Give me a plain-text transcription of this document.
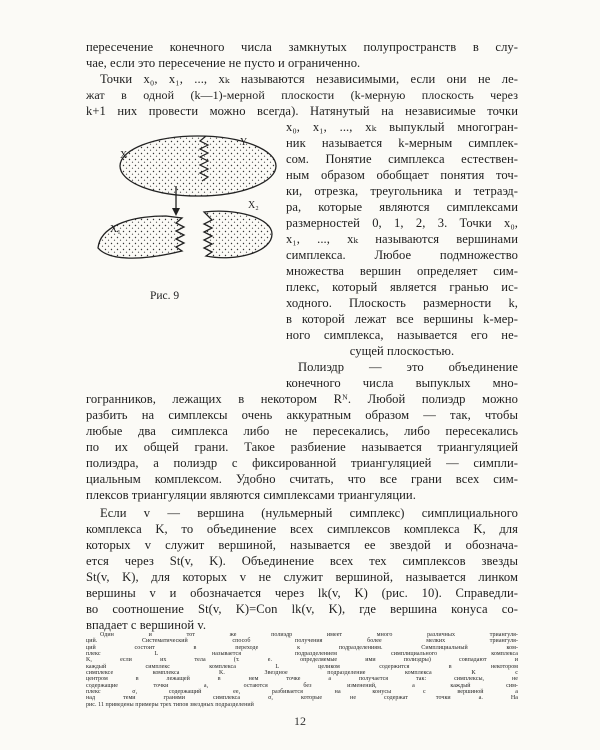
пересечение конечного числа замкнутых полупространств в слу-
чае, если это пересечение не пусто и ограниченно.
Точки x₀, x₁, ..., xₖ называются независимыми, если они не ле-
жат в одной (k—1)-мерной плоскости (k-мерную плоскость через
k+1 них провести можно всегда). Натянутый на независимые точки
X
Y
X₁
X₂
Рис. 9
x₀, x₁, ..., xₖ выпуклый многогран-
ник называется k-мерным симплек-
сом. Понятие симплекса естествен-
ным образом обобщает понятия точ-
ки, отрезка, треугольника и тетраэд-
ра, которые являются симплексами
размерностей 0, 1, 2, 3. Точки x₀,
x₁, ..., xₖ называются вершинами
симплекса. Любое подмножество
множества вершин определяет сим-
плекс, который является гранью ис-
ходного. Плоскость размерности k,
в которой лежат все вершины k-мер-
ного симплекса, называется его не-
сущей плоскостью.
Полиэдр — это объединение
конечного числа выпуклых мно-
гогранников, лежащих в некотором Rᴺ. Любой полиэдр можно
разбить на симплексы очень аккуратным образом — так, чтобы
любые два симплекса либо не пересекались, либо пересекались
по их общей грани. Такое разбиение называется триангуляцией
полиэдра, а полиэдр с фиксированной триангуляцией — симпли-
циальным комплексом. Удобно считать, что все грани всех сим-
плексов триангуляции являются симплексами триангуляции.
Если v — вершина (нульмерный симплекс) симплициального
комплекса K, то объединение всех симплексов комплекса K, для
которых v служит вершиной, называется ее звездой и обознача-
ется через St(v, K). Объединение всех тех симплексов звезды
St(v, K), для которых v не служит вершиной, называется линком
вершины v и обозначается через lk(v, K) (рис. 10). Справедли-
во соотношение St(v, K)=Con lk(v, K), где вершина конуса со-
впадает с вершиной v.
Один и тот же полиэдр имеет много различных триангуля-
ций. Систематический способ получения более мелких триангуля-
ций состоит в переходе к подразделениям. Симплициальный ком-
плекс L называется подразделением симплициального комплекса
K, если их тела (т. е. определяемые ими полиэдры) совпадают и
каждый симплекс комплекса L целиком содержится в некотором
симплексе комплекса K. Звездное подразделение комплекса K с
центром в лежащей в нем точке a получается так: симплексы, не
содержащие точки a, остаются без изменений, а каждый сим-
плекс σ, содержащий ее, разбивается на конусы с вершиной a
над теми гранями симплекса σ, которые не содержат точки a. На
рис. 11 приведены примеры трех типов звездных подразделений
12
